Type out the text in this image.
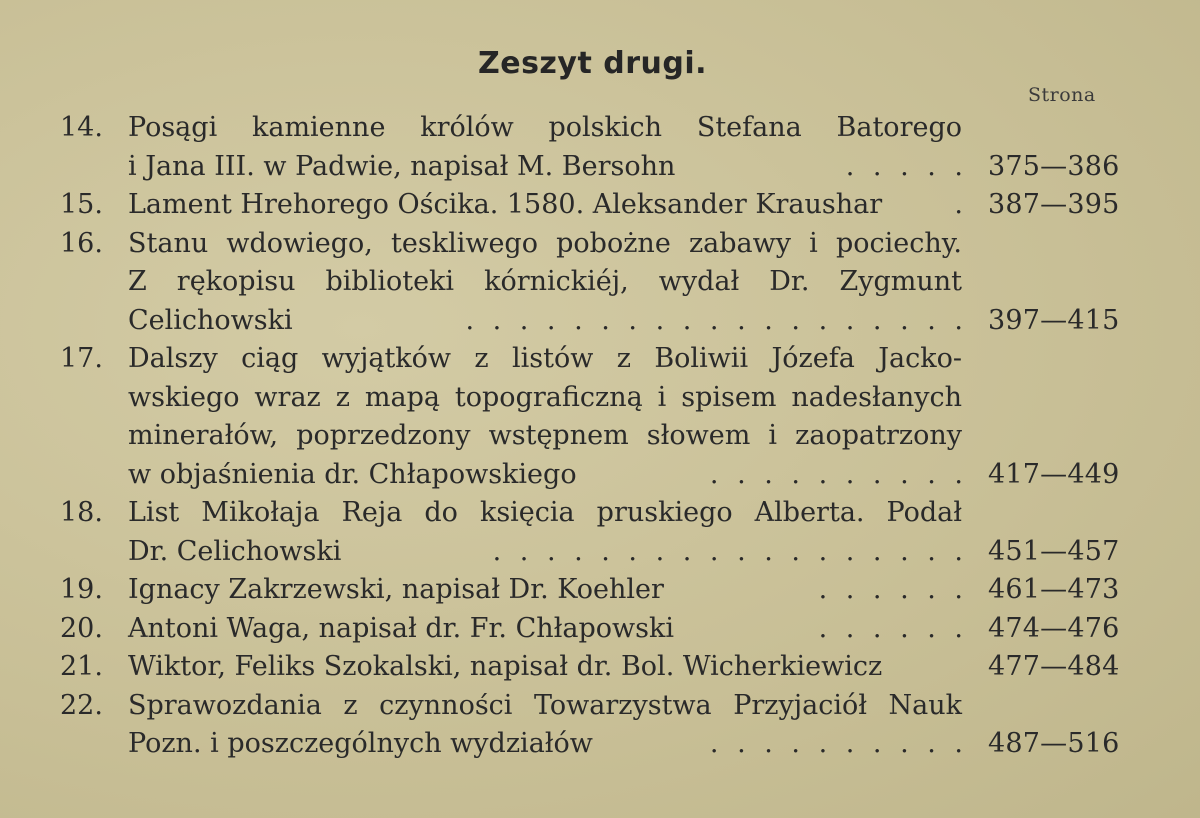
Zeszyt drugi.
Strona
14. Posągi kamienne królów polskich Stefana Batorego
i Jana III. w Padwie, napisał M. Bersohn	. . . . . 375—386
15. Lament Hrehorego Ościka. 1580. Aleksander Kraushar	. 387—395
16. Stanu wdowiego, teskliwego pobożne zabawy i pociechy.
Z rękopisu biblioteki kórnickiéj, wydał Dr. Zygmunt
Celichowski	. . . . . . . . . . . . . . . . . . . 397—415
17. Dalszy ciąg wyjątków z listów z Boliwii Józefa Jacko-
wskiego wraz z mapą topograficzną i spisem nadesłanych
minerałów, poprzedzony wstępnem słowem i zaopatrzony
w objaśnienia dr. Chłapowskiego	. . . . . . . . . . 417—449
18. List Mikołaja Reja do księcia pruskiego Alberta. Podał
Dr. Celichowski	. . . . . . . . . . . . . . . . . . 451—457
19. Ignacy Zakrzewski, napisał Dr. Koehler	. . . . . . 461—473
20. Antoni Waga, napisał dr. Fr. Chłapowski	. . . . . . 474—476
21. Wiktor, Feliks Szokalski, napisał dr. Bol. Wicherkiewicz	477—484
22. Sprawozdania z czynności Towarzystwa Przyjaciół Nauk
Pozn. i poszczególnych wydziałów	. . . . . . . . . . 487—516
